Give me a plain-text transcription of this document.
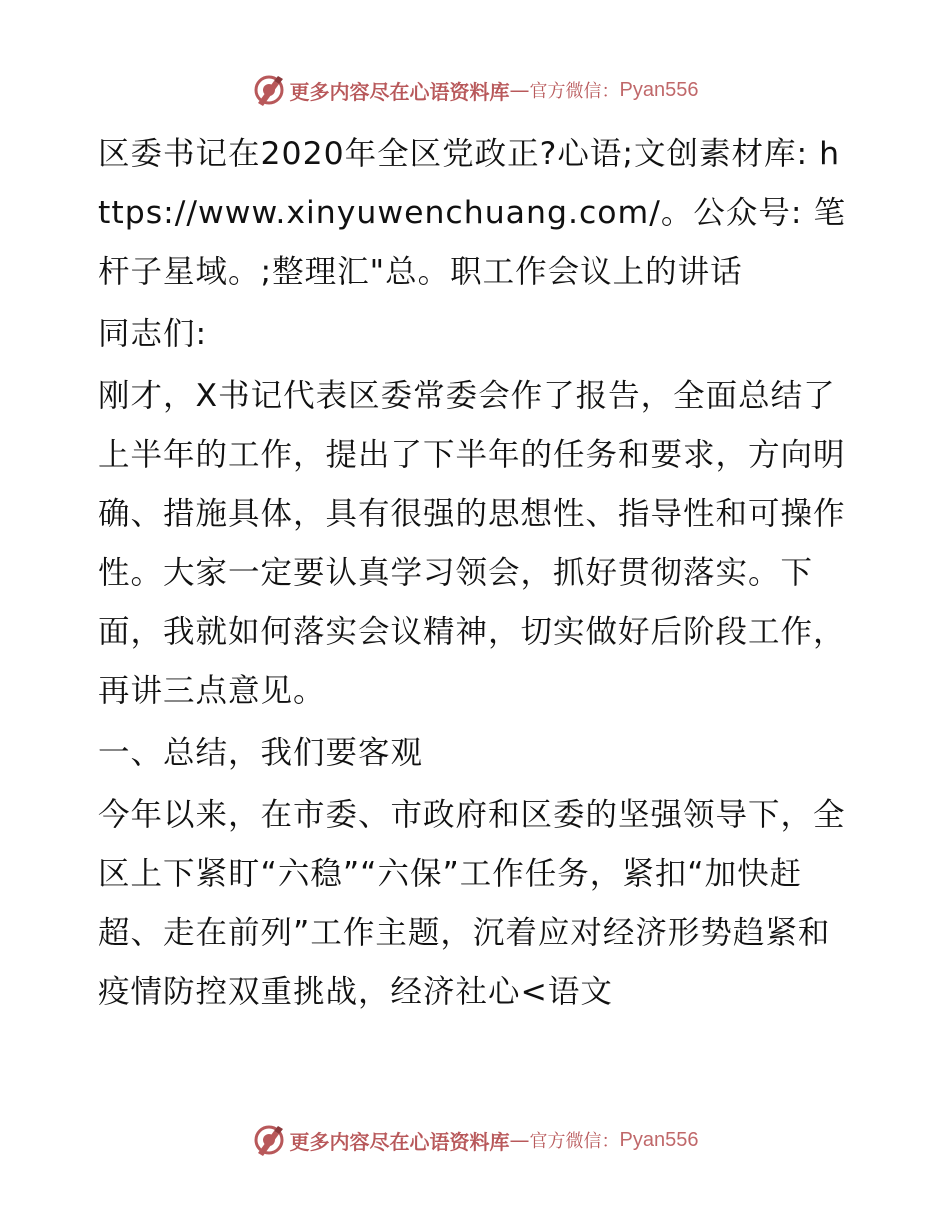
更多内容尽在心语资料库 — 官方微信： Pyan556

区委书记在2020年全区党政正?心语;文创素材库: https://www.xinyuwenchuang.com/。公众号: 笔杆子星域。;整理汇"总。职工作会议上的讲话

同志们:

刚才，X书记代表区委常委会作了报告，全面总结了上半年的工作，提出了下半年的任务和要求，方向明确、措施具体，具有很强的思想性、指导性和可操作性。大家一定要认真学习领会，抓好贯彻落实。下面，我就如何落实会议精神，切实做好后阶段工作，再讲三点意见。

一、总结，我们要客观

今年以来，在市委、市政府和区委的坚强领导下，全区上下紧盯“六稳”“六保”工作任务，紧扣“加快赶超、走在前列”工作主题，沉着应对经济形势趋紧和疫情防控双重挑战，经济社心<语文

更多内容尽在心语资料库 — 官方微信： Pyan556
